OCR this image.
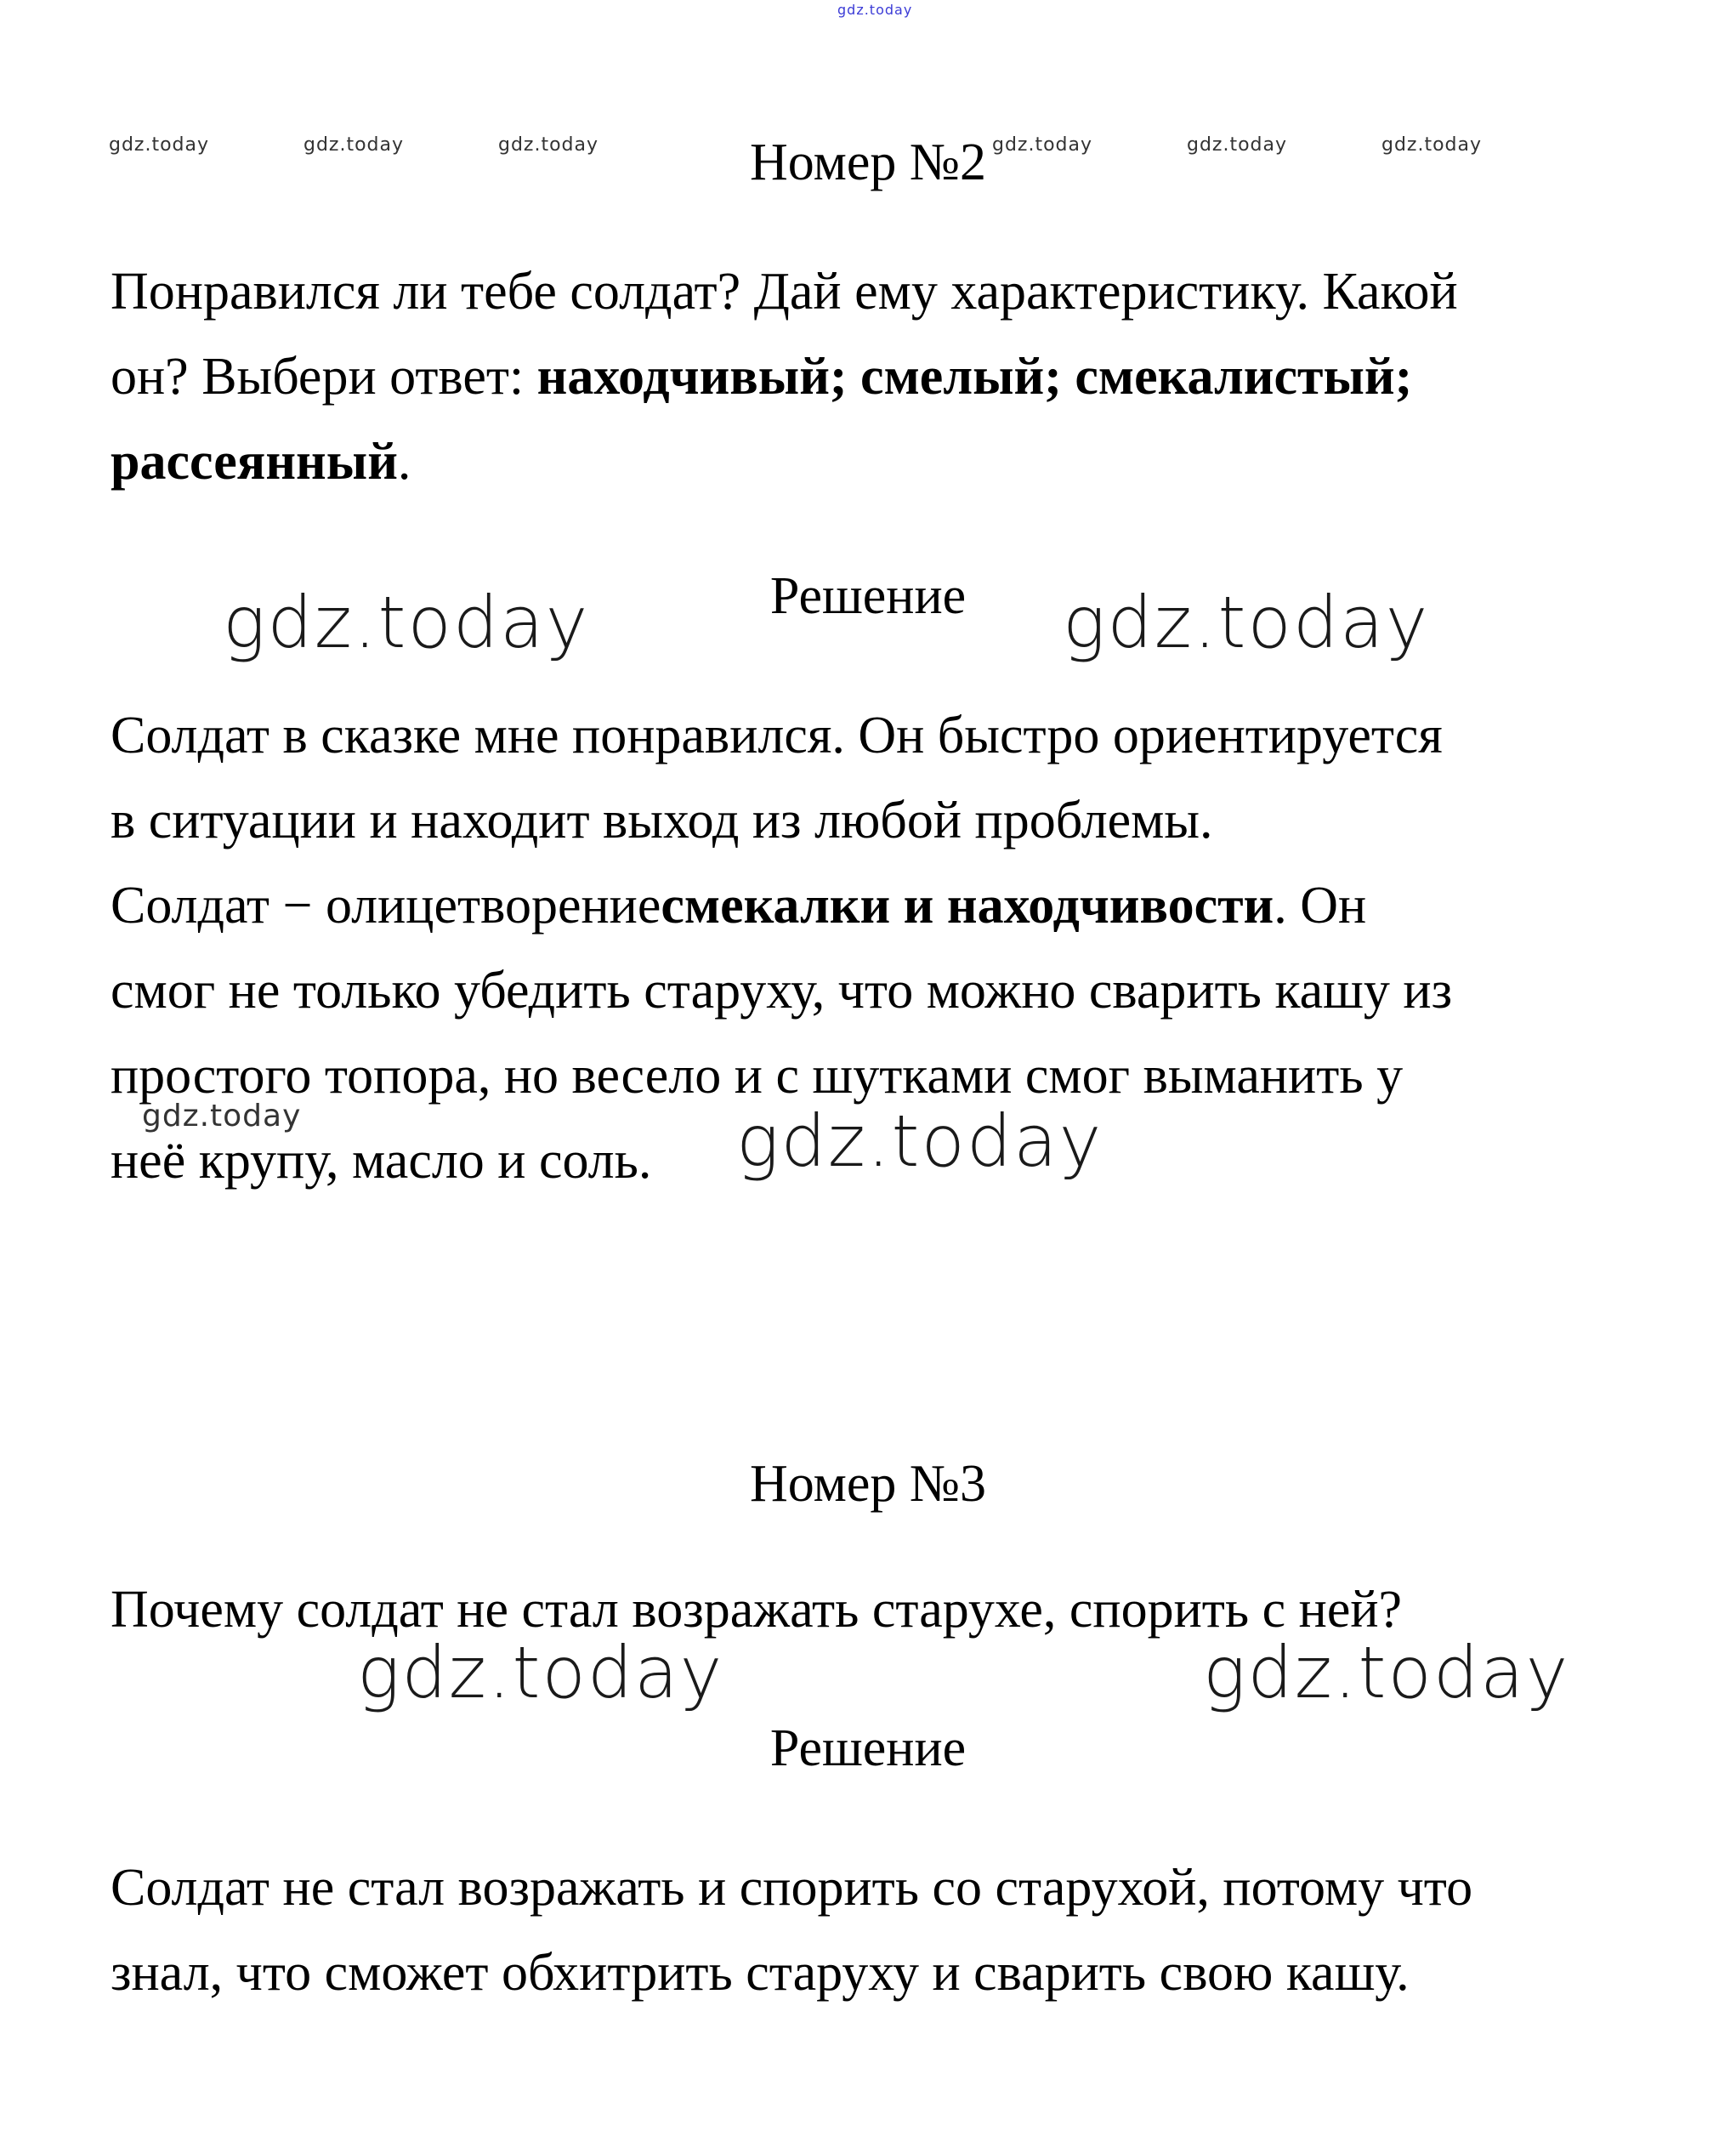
gdz.today
gdz.today	gdz.today	gdz.today	gdz.today	gdz.today	gdz.today
gdz.today	gdz.today
gdz.today	gdz.today
gdz.today	gdz.today
Номер №2

Понравился ли тебе солдат? Дай ему характеристику. Какой
он? Выбери ответ: находчивый; смелый; смекалистый;
рассеянный.

Решение

Солдат в сказке мне понравился. Он быстро ориентируется
в ситуации и находит выход из любой проблемы.
Солдат − олицетворениесмекалки и находчивости. Он
смог не только убедить старуху, что можно сварить кашу из
простого топора, но весело и с шутками смог выманить у
неё крупу, масло и соль.

Номер №3

Почему солдат не стал возражать старухе, спорить с ней?

Решение

Солдат не стал возражать и спорить со старухой, потому что
знал, что сможет обхитрить старуху и сварить свою кашу.
